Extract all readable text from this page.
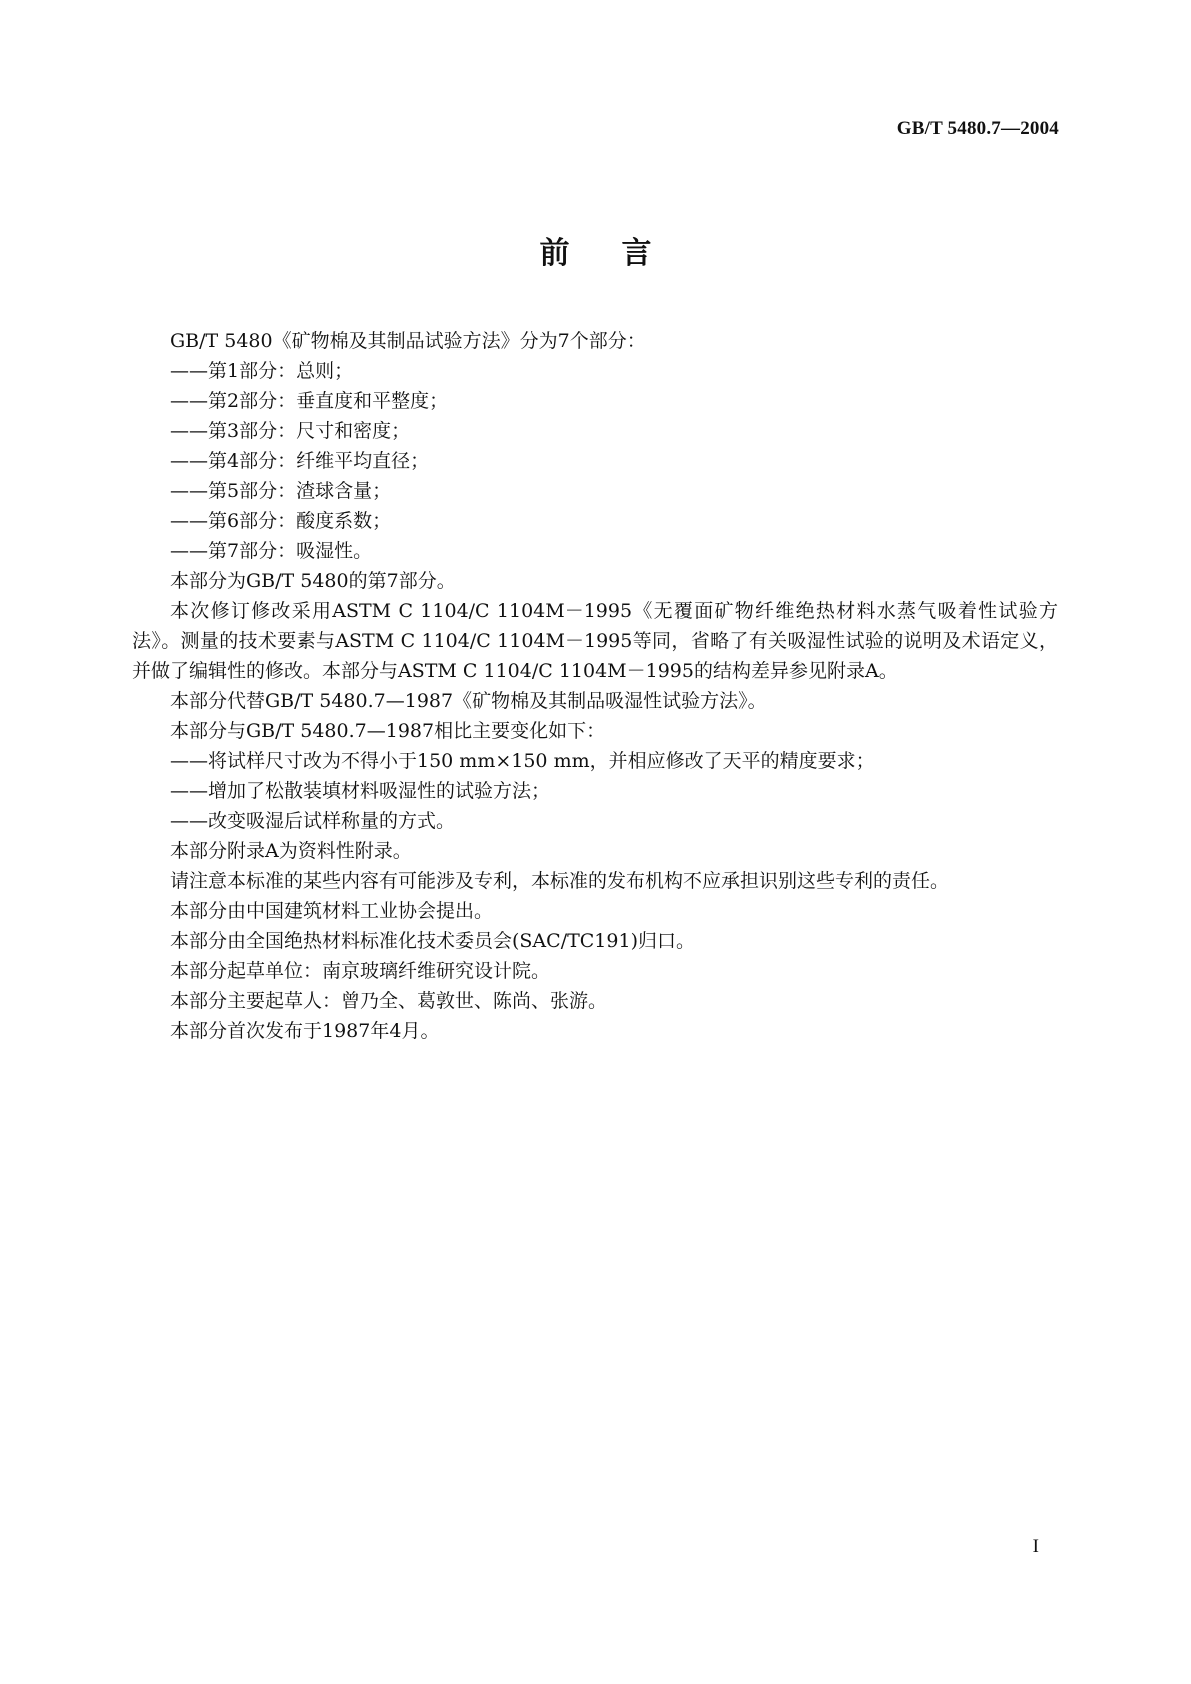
GB/T 5480.7—2004
前言

GB/T 5480《矿物棉及其制品试验方法》分为7个部分：

——第1部分：总则；

——第2部分：垂直度和平整度；

——第3部分：尺寸和密度；

——第4部分：纤维平均直径；

——第5部分：渣球含量；

——第6部分：酸度系数；

——第7部分：吸湿性。

本部分为GB/T 5480的第7部分。

本次修订修改采用ASTM C 1104/C 1104M－1995《无覆面矿物纤维绝热材料水蒸气吸着性试验方法》。测量的技术要素与ASTM C 1104/C 1104M－1995等同，省略了有关吸湿性试验的说明及术语定义，并做了编辑性的修改。本部分与ASTM C 1104/C 1104M－1995的结构差异参见附录A。

本部分代替GB/T 5480.7—1987《矿物棉及其制品吸湿性试验方法》。

本部分与GB/T 5480.7—1987相比主要变化如下：

——将试样尺寸改为不得小于150 mm×150 mm，并相应修改了天平的精度要求；

——增加了松散装填材料吸湿性的试验方法；

——改变吸湿后试样称量的方式。

本部分附录A为资料性附录。

请注意本标准的某些内容有可能涉及专利，本标准的发布机构不应承担识别这些专利的责任。

本部分由中国建筑材料工业协会提出。

本部分由全国绝热材料标准化技术委员会(SAC/TC191)归口。

本部分起草单位：南京玻璃纤维研究设计院。

本部分主要起草人：曾乃全、葛敦世、陈尚、张游。

本部分首次发布于1987年4月。

I
